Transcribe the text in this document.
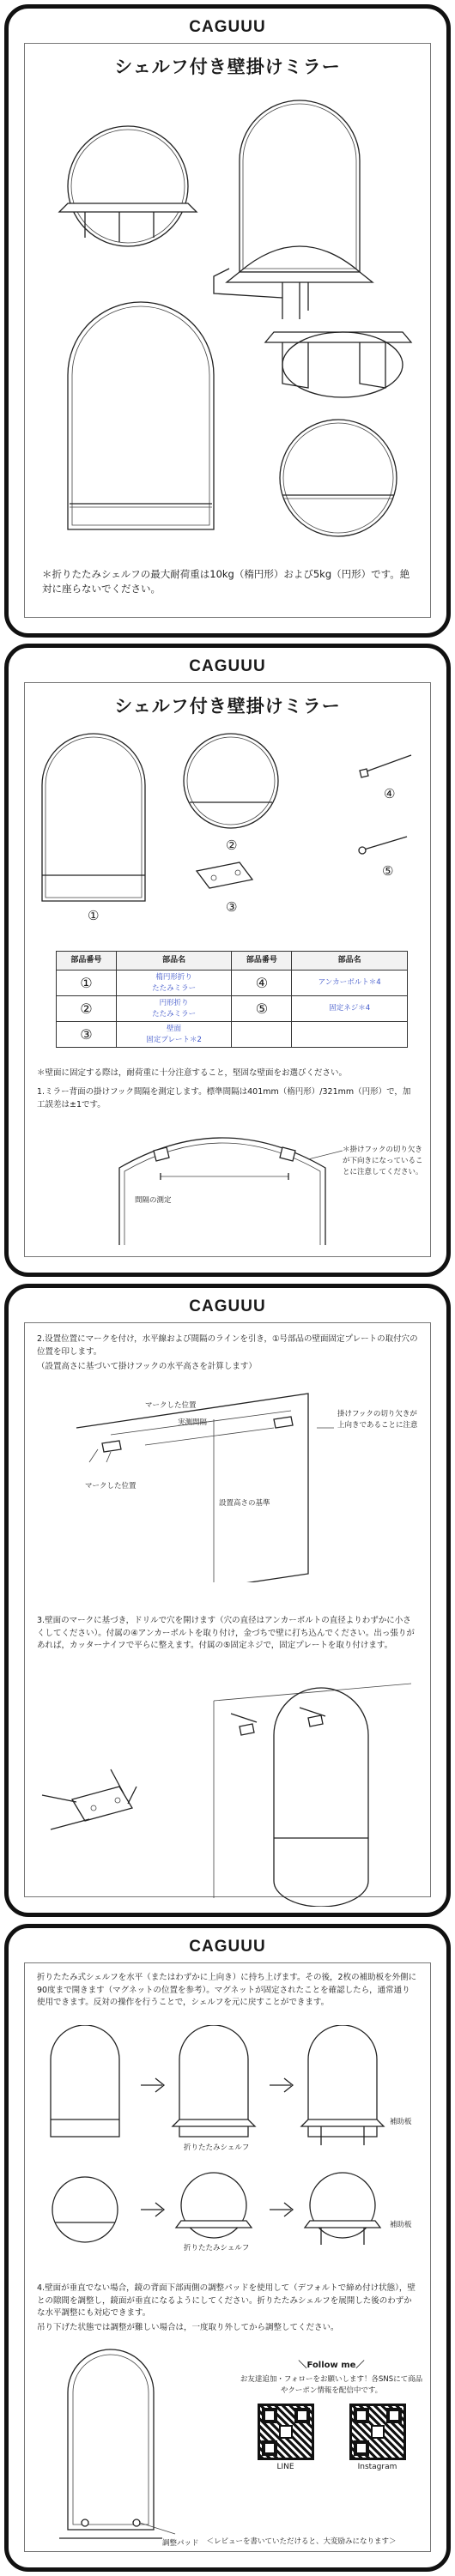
CAGUUU
シェルフ付き壁掛けミラー
＊折りたたみシェルフの最大耐荷重は10kg（楕円形）および5kg（円形）です。絶対に座らないでください。
CAGUUU
シェルフ付き壁掛けミラー
①
②
③
④
⑤
部品番号	部品名	部品番号	部品名
①	楕円形折り
たたみミラー	④	アンカーボルト＊4
②	円形折り
たたみミラー	⑤	固定ネジ＊4
③	壁面
固定プレート＊2		
＊壁面に固定する際は，耐荷重に十分注意すること，堅固な壁面をお選びください。
1.ミラー背面の掛けフック間隔を測定します。標準間隔は401mm（楕円形）/321mm（円形）で，加工誤差は±1です。
間隔の測定
＊掛けフックの切り欠きが下向きになっていることに注意してください。
CAGUUU
2.设置位置にマークを付け，水平線および間隔のラインを引き，①号部品の壁面固定プレートの取付穴の位置を印します。
（設置高さに基づいて掛けフックの水平高さを計算します）
マークした位置
実测間隔
設置高さの基準
マークした位置
掛けフックの切り欠きが上向きであることに注意
3.壁面のマークに基づき，ドリルで穴を開けます（穴の直径はアンカーボルトの直径よりわずかに小さくしてください）。付属の④アンカーボルトを取り付け，金づちで壁に打ち込んでください。出っ張りがあれば，カッターナイフで平らに整えます。付属の⑤固定ネジで，固定プレートを取り付けます。
CAGUUU
折りたたみ式シェルフを水平（またはわずかに上向き）に持ち上げます。その後，2枚の補助板を外側に90度まで開きます（マグネットの位置を参考）。マグネットが固定されたことを確認したら，通常通り使用できます。反対の操作を行うことで，シェルフを元に戻すことができます。
折りたたみシェルフ
補助板
折りたたみシェルフ
補助板
4.壁面が垂直でない場合，鏡の背面下部両側の調整パッドを使用して（デフォルトで締め付け状態），壁との隙間を調整し，鏡面が垂直になるようにしてください。折りたたみシェルフを展開した後のわずかな水平調整にも対応できます。
吊り下げた状態では調整が難しい場合は，一度取り外してから調整してください。
調整パッド
＼Follow me／
お友達追加・フォローをお願いします！各SNSにて商品やクーポン情報を配信中です。
LINE	Instagram
＜レビューを書いていただけると、大変励みになります＞
